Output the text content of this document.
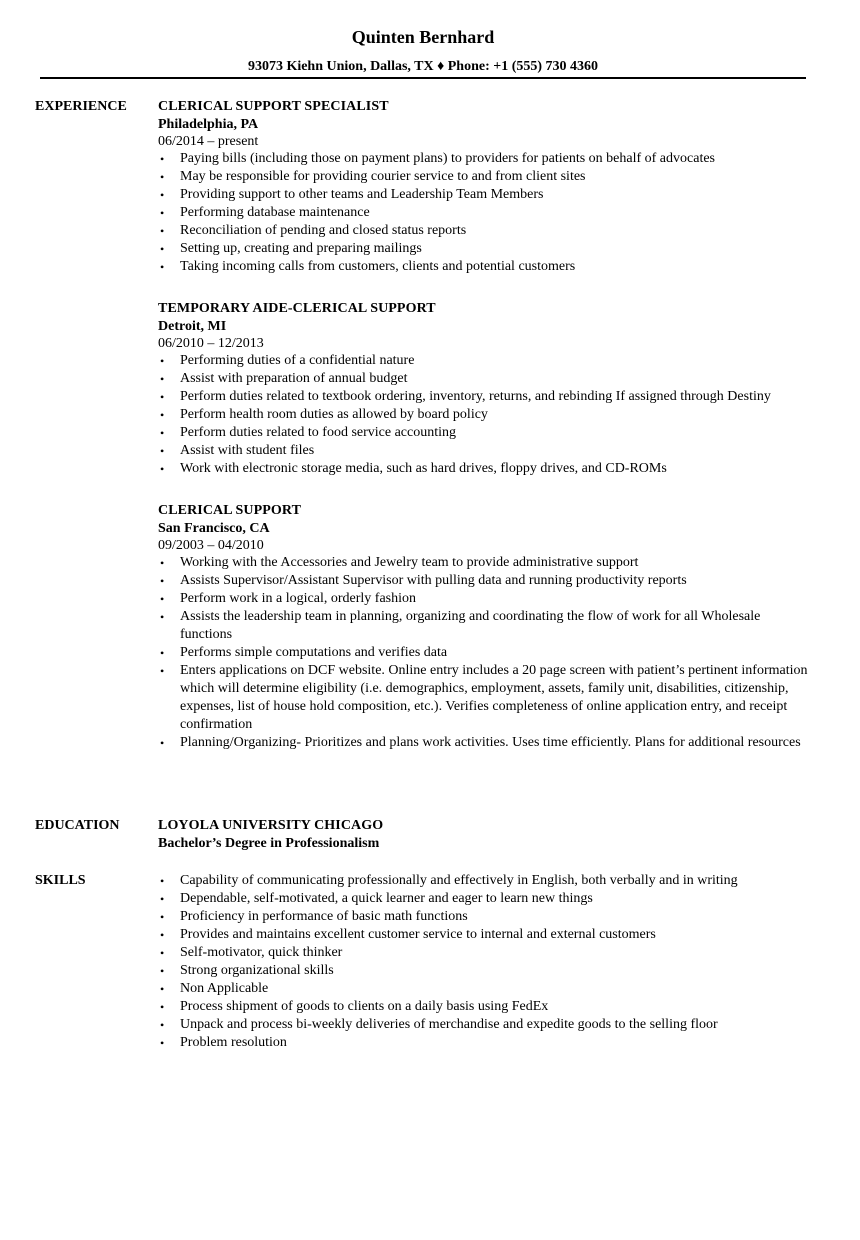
Quinten Bernhard
93073 Kiehn Union, Dallas, TX ♦ Phone: +1 (555) 730 4360
EXPERIENCE CLERICAL SUPPORT SPECIALIST
Philadelphia, PA
06/2014 – present
• Paying bills (including those on payment plans) to providers for patients on behalf of advocates
• May be responsible for providing courier service to and from client sites
• Providing support to other teams and Leadership Team Members
• Performing database maintenance
• Reconciliation of pending and closed status reports
• Setting up, creating and preparing mailings
• Taking incoming calls from customers, clients and potential customers
TEMPORARY AIDE-CLERICAL SUPPORT
Detroit, MI
06/2010 – 12/2013
• Performing duties of a confidential nature
• Assist with preparation of annual budget
• Perform duties related to textbook ordering, inventory, returns, and rebinding If assigned through Destiny
• Perform health room duties as allowed by board policy
• Perform duties related to food service accounting
• Assist with student files
• Work with electronic storage media, such as hard drives, floppy drives, and CD-ROMs
CLERICAL SUPPORT
San Francisco, CA
09/2003 – 04/2010
• Working with the Accessories and Jewelry team to provide administrative support
• Assists Supervisor/Assistant Supervisor with pulling data and running productivity reports
• Perform work in a logical, orderly fashion
• Assists the leadership team in planning, organizing and coordinating the flow of work for all Wholesale functions
• Performs simple computations and verifies data
• Enters applications on DCF website. Online entry includes a 20 page screen with patient’s pertinent information which will determine eligibility (i.e. demographics, employment, assets, family unit, disabilities, citizenship, expenses, list of house hold composition, etc.). Verifies completeness of online application entry, and receipt confirmation
• Planning/Organizing- Prioritizes and plans work activities. Uses time efficiently. Plans for additional resources
EDUCATION	LOYOLA UNIVERSITY CHICAGO
Bachelor’s Degree in Professionalism
SKILLS
•	Capability of communicating professionally and effectively in English, both verbally and in writing
• Dependable, self-motivated, a quick learner and eager to learn new things
• Proficiency in performance of basic math functions
• Provides and maintains excellent customer service to internal and external customers
• Self-motivator, quick thinker
• Strong organizational skills
• Non Applicable
• Process shipment of goods to clients on a daily basis using FedEx
• Unpack and process bi-weekly deliveries of merchandise and expedite goods to the selling floor
• Problem resolution
